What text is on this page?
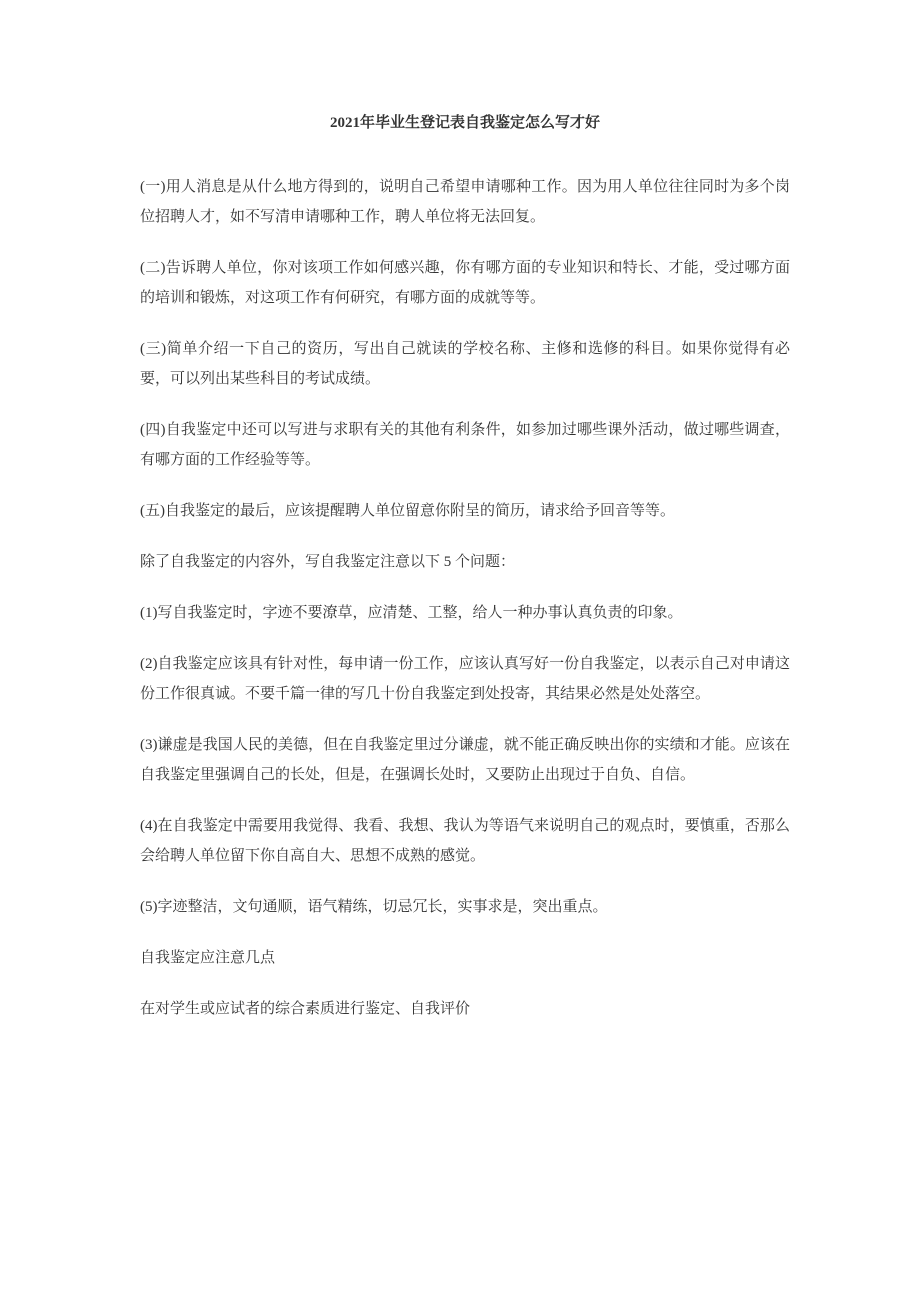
2021年毕业生登记表自我鉴定怎么写才好

(一)用人消息是从什么地方得到的，说明自己希望申请哪种工作。因为用人单位往往同时为多个岗位招聘人才，如不写清申请哪种工作，聘人单位将无法回复。

(二)告诉聘人单位，你对该项工作如何感兴趣，你有哪方面的专业知识和特长、才能，受过哪方面的培训和锻炼，对这项工作有何研究，有哪方面的成就等等。

(三)简单介绍一下自己的资历，写出自己就读的学校名称、主修和选修的科目。如果你觉得有必要，可以列出某些科目的考试成绩。

(四)自我鉴定中还可以写进与求职有关的其他有利条件，如参加过哪些课外活动，做过哪些调查，有哪方面的工作经验等等。

(五)自我鉴定的最后，应该提醒聘人单位留意你附呈的简历，请求给予回音等等。

除了自我鉴定的内容外，写自我鉴定注意以下 5 个问题：

(1)写自我鉴定时，字迹不要潦草，应清楚、工整，给人一种办事认真负责的印象。

(2)自我鉴定应该具有针对性，每申请一份工作，应该认真写好一份自我鉴定，以表示自己对申请这份工作很真诚。不要千篇一律的写几十份自我鉴定到处投寄，其结果必然是处处落空。

(3)谦虚是我国人民的美德，但在自我鉴定里过分谦虚，就不能正确反映出你的实绩和才能。应该在自我鉴定里强调自己的长处，但是，在强调长处时，又要防止出现过于自负、自信。

(4)在自我鉴定中需要用我觉得、我看、我想、我认为等语气来说明自己的观点时，要慎重，否那么会给聘人单位留下你自高自大、思想不成熟的感觉。

(5)字迹整洁，文句通顺，语气精练，切忌冗长，实事求是，突出重点。

自我鉴定应注意几点

在对学生或应试者的综合素质进行鉴定、自我评价
